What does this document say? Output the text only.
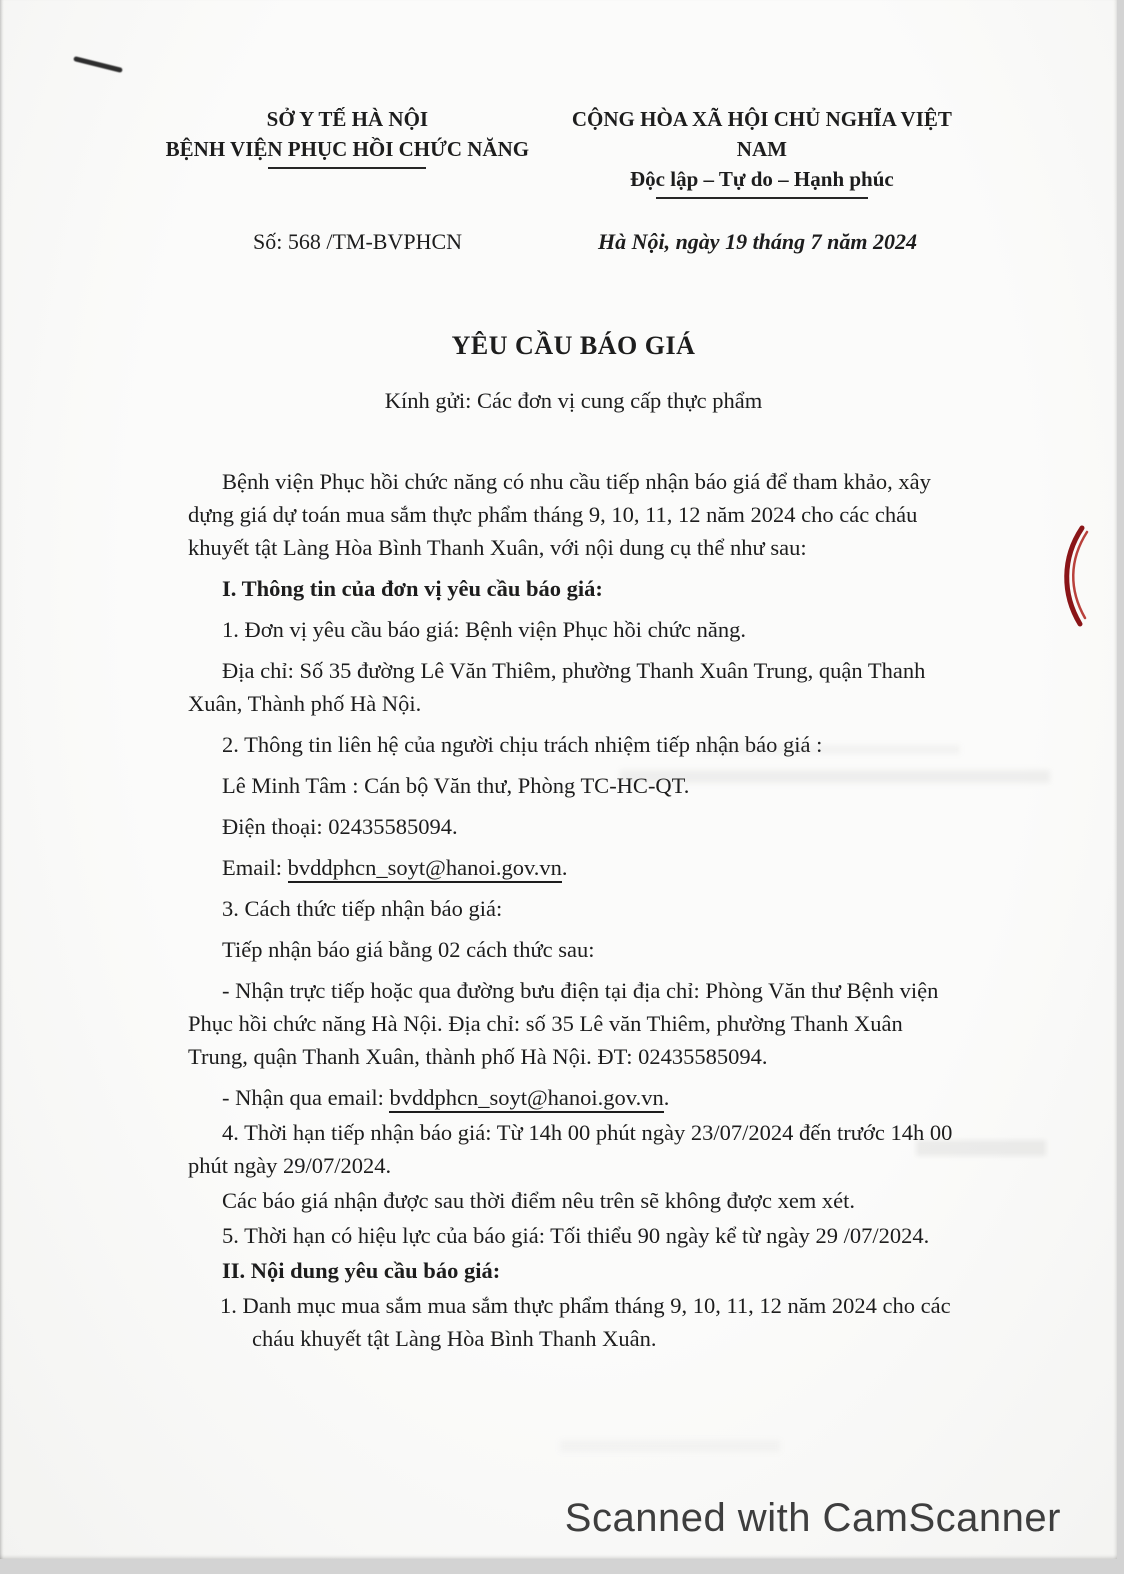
SỞ Y TẾ HÀ NỘI
BỆNH VIỆN PHỤC HỒI CHỨC NĂNG
CỘNG HÒA XÃ HỘI CHỦ NGHĨA VIỆT NAM
Độc lập – Tự do – Hạnh phúc
Số: 568 /TM-BVPHCN	Hà Nội, ngày 19 tháng 7 năm 2024
YÊU CẦU BÁO GIÁ
Kính gửi: Các đơn vị cung cấp thực phẩm

Bệnh viện Phục hồi chức năng có nhu cầu tiếp nhận báo giá để tham khảo, xây dựng giá dự toán mua sắm thực phẩm tháng 9, 10, 11, 12 năm 2024 cho các cháu khuyết tật Làng Hòa Bình Thanh Xuân, với nội dung cụ thể như sau:

I. Thông tin của đơn vị yêu cầu báo giá:

1. Đơn vị yêu cầu báo giá: Bệnh viện Phục hồi chức năng.

Địa chỉ: Số 35 đường Lê Văn Thiêm, phường Thanh Xuân Trung, quận Thanh Xuân, Thành phố Hà Nội.

2. Thông tin liên hệ của người chịu trách nhiệm tiếp nhận báo giá :

Lê Minh Tâm : Cán bộ Văn thư, Phòng TC-HC-QT.

Điện thoại: 02435585094.

Email: bvddphcn_soyt@hanoi.gov.vn.

3. Cách thức tiếp nhận báo giá:

Tiếp nhận báo giá bằng 02 cách thức sau:

- Nhận trực tiếp hoặc qua đường bưu điện tại địa chỉ: Phòng Văn thư Bệnh viện Phục hồi chức năng Hà Nội. Địa chỉ: số 35 Lê văn Thiêm, phường Thanh Xuân Trung, quận Thanh Xuân, thành phố Hà Nội. ĐT: 02435585094.

- Nhận qua email: bvddphcn_soyt@hanoi.gov.vn.

4. Thời hạn tiếp nhận báo giá: Từ 14h 00 phút ngày 23/07/2024 đến trước 14h 00 phút ngày 29/07/2024.

Các báo giá nhận được sau thời điểm nêu trên sẽ không được xem xét.

5. Thời hạn có hiệu lực của báo giá: Tối thiểu 90 ngày kể từ ngày 29 /07/2024.

II. Nội dung yêu cầu báo giá:

1. Danh mục mua sắm mua sắm thực phẩm tháng 9, 10, 11, 12 năm 2024 cho các cháu khuyết tật Làng Hòa Bình Thanh Xuân.

Scanned with CamScanner
